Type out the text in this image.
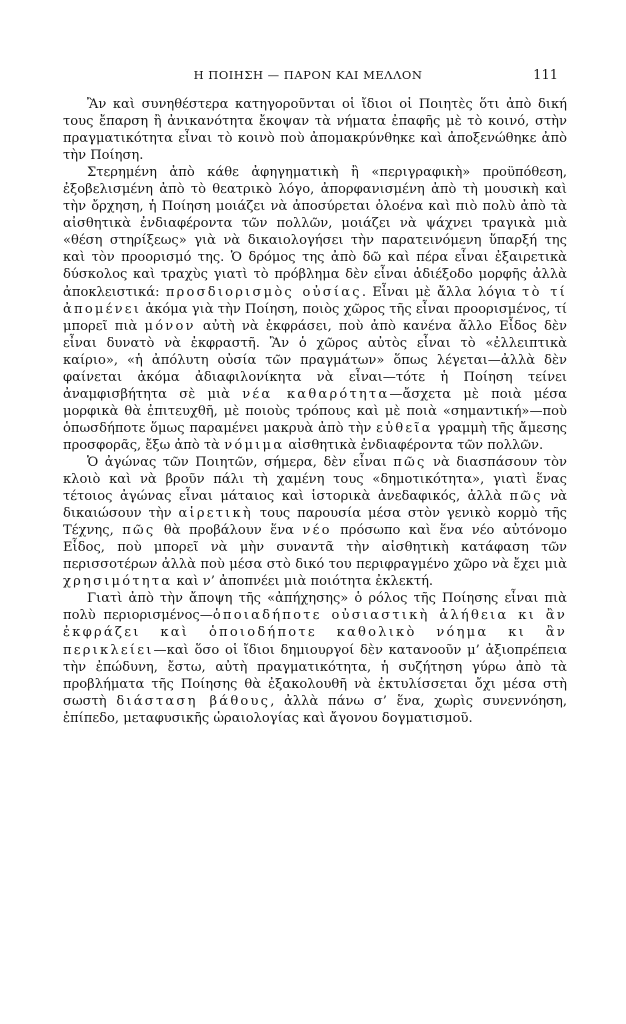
Η ΠΟΙΗΣΗ — ΠΑΡΟΝ ΚΑΙ ΜΕΛΛΟΝ	111

Ἂν καὶ συνηθέστερα κατηγοροῦνται οἱ ἴδιοι οἱ Ποιητὲς ὅτι ἀπὸ δική τους ἔπαρση ἢ ἀνικανότητα ἔκοψαν τὰ νήματα ἐπαφῆς μὲ τὸ κοινό, στὴν πραγματικότητα εἶναι τὸ κοινὸ ποὺ ἀπομακρύνθηκε καὶ ἀποξενώθηκε ἀπὸ τὴν Ποίηση.

Στερημένη ἀπὸ κάθε ἀφηγηματικὴ ἢ «περιγραφικὴ» προϋπόθεση, ἐξοβελισμένη ἀπὸ τὸ θεατρικὸ λόγο, ἀπορφανισμένη ἀπὸ τὴ μουσικὴ καὶ τὴν ὄρχηση, ἡ Ποίηση μοιάζει νὰ ἀποσύρεται ὁλοένα καὶ πιὸ πολὺ ἀπὸ τὰ αἰσθητικὰ ἐνδιαφέροντα τῶν πολλῶν, μοιάζει νὰ ψάχνει τραγικὰ μιὰ «θέση στηρίξεως» γιὰ νὰ δικαιολογήσει τὴν παρατεινόμενη ὕπαρξή της καὶ τὸν προορισμό της. Ὁ δρόμος της ἀπὸ δῶ καὶ πέρα εἶναι ἐξαιρετικὰ δύσκολος καὶ τραχὺς γιατὶ τὸ πρόβλημα δὲν εἶναι ἀδιέξοδο μορφῆς ἀλλὰ ἀποκλειστικά: προσδιορισμὸς οὐσίας. Εἶναι μὲ ἄλλα λόγια τὸ τί ἀπομένει ἀκόμα γιὰ τὴν Ποίηση, ποιὸς χῶρος τῆς εἶναι προορισμένος, τί μπορεῖ πιὰ μόνον αὐτὴ νὰ ἐκφράσει, ποὺ ἀπὸ κανένα ἄλλο Εἶδος δὲν εἶναι δυνατὸ νὰ ἐκφραστῆ. Ἂν ὁ χῶρος αὐτὸς εἶναι τὸ «ἐλλειπτικὰ καίριο», «ἡ ἀπόλυτη οὐσία τῶν πραγμάτων» ὅπως λέγεται—ἀλλὰ δὲν φαίνεται ἀκόμα ἀδιαφιλονίκητα νὰ εἶναι—τότε ἡ Ποίηση τείνει ἀναμφισβήτητα σὲ μιὰ νέα καθαρότητα—ἄσχετα μὲ ποιὰ μέσα μορφικὰ θὰ ἐπιτευχθῆ, μὲ ποιοὺς τρόπους καὶ μὲ ποιὰ «σημαντική»—ποὺ ὁπωσδήποτε ὅμως παραμένει μακρυὰ ἀπὸ τὴν εὐθεῖα γραμμὴ τῆς ἄμεσης προσφορᾶς, ἔξω ἀπὸ τὰ νόμιμα αἰσθητικὰ ἐνδιαφέροντα τῶν πολλῶν.

Ὁ ἀγώνας τῶν Ποιητῶν, σήμερα, δὲν εἶναι πῶς νὰ διασπάσουν τὸν κλοιὸ καὶ νὰ βροῦν πάλι τὴ χαμένη τους «δημοτικότητα», γιατὶ ἕνας τέτοιος ἀγώνας εἶναι μάταιος καὶ ἱστορικὰ ἀνεδαφικός, ἀλλὰ πῶς νὰ δικαιώσουν τὴν αἱρετικὴ τους παρουσία μέσα στὸν γενικὸ κορμὸ τῆς Τέχνης, πῶς θὰ προβάλουν ἕνα νέο πρόσωπο καὶ ἕνα νέο αὐτόνομο Εἶδος, ποὺ μπορεῖ νὰ μὴν συναντᾶ τὴν αἰσθητικὴ κατάφαση τῶν περισσοτέρων ἀλλὰ ποὺ μέσα στὸ δικό του περιφραγμένο χῶρο νὰ ἔχει μιὰ χρησιμότητα καὶ ν’ ἀποπνέει μιὰ ποιότητα ἐκλεκτή.

Γιατὶ ἀπὸ τὴν ἄποψη τῆς «ἀπήχησης» ὁ ρόλος τῆς Ποίησης εἶναι πιὰ πολὺ περιορισμένος—ὁποιαδήποτε οὐσιαστικὴ ἀλήθεια κι ἂν ἐκφράζει καὶ ὁποιοδήποτε καθολικὸ νόημα κι ἂν περικλείει—καὶ ὅσο οἱ ἴδιοι δημιουργοί δὲν κατανοοῦν μ’ ἀξιοπρέπεια τὴν ἐπώδυνη, ἔστω, αὐτὴ πραγματικότητα, ἡ συζήτηση γύρω ἀπὸ τὰ προβλήματα τῆς Ποίησης θὰ ἐξακολουθῆ νὰ ἐκτυλίσσεται ὄχι μέσα στὴ σωστὴ διάσταση βάθους, ἀλλὰ πάνω σ’ ἕνα, χωρὶς συνεννόηση, ἐπίπεδο, μεταφυσικῆς ὡραιολογίας καὶ ἄγονου δογματισμοῦ.
